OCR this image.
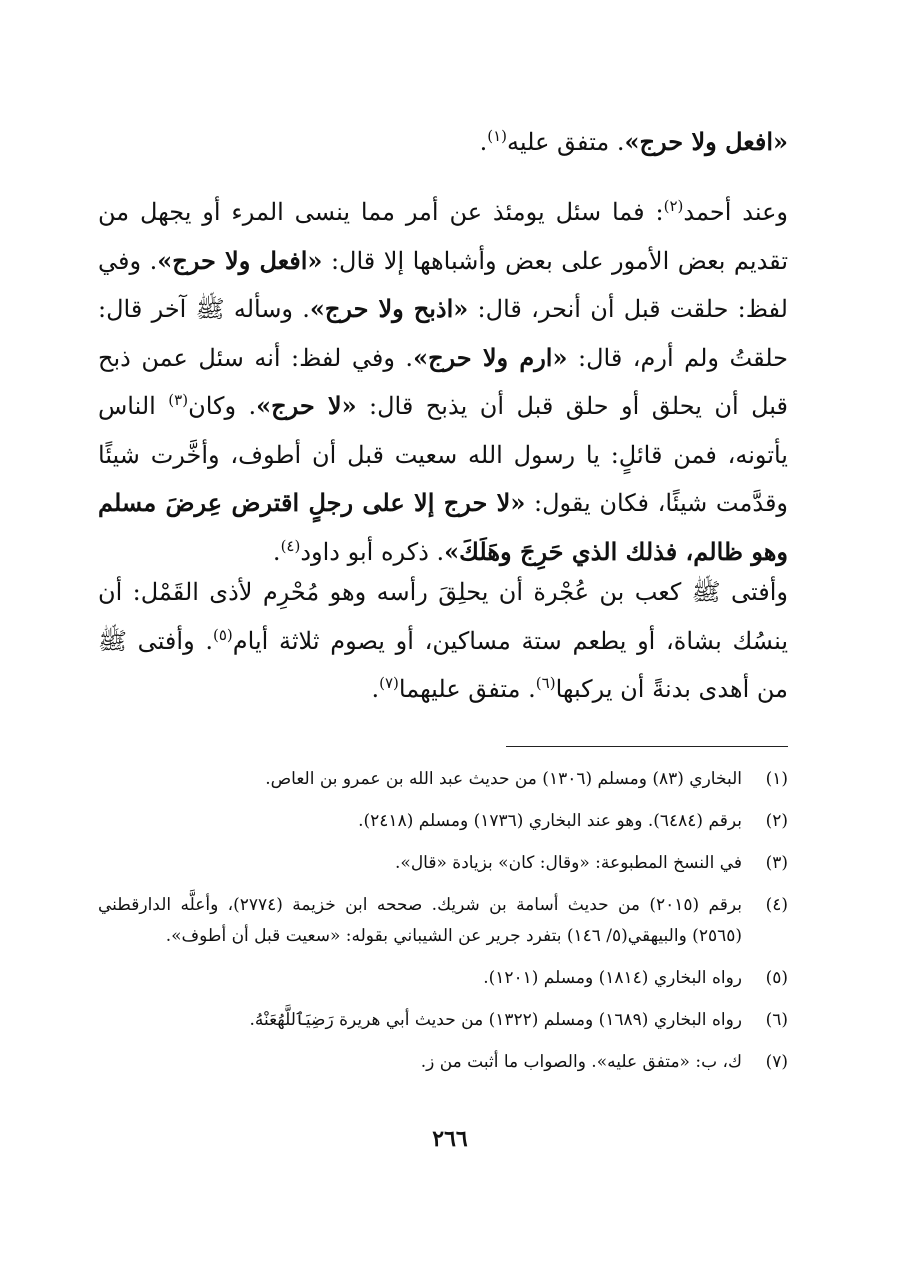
«افعل ولا حرج». متفق عليه$^{(١)}$.

وعند أحمد$^{(٢)}$: فما سئل يومئذ عن أمر مما ينسى المرء أو يجهل من تقديم بعض الأمور على بعض وأشباهها إلا قال: «افعل ولا حرج». وفي لفظ: حلقت قبل أن أنحر، قال: «اذبح ولا حرج». وسأله ﷺ آخر قال: حلقتُ ولم أرم، قال: «ارم ولا حرج». وفي لفظ: أنه سئل عمن ذبح قبل أن يحلق أو حلق قبل أن يذبح قال: «لا حرج». وكان$^{(٣)}$ الناس يأتونه، فمن قائلٍ: يا رسول الله سعيت قبل أن أطوف، وأخَّرت شيئًا وقدَّمت شيئًا، فكان يقول: «لا حرج إلا على رجلٍ اقترض عِرضَ مسلم وهو ظالم، فذلك الذي حَرِجَ وهَلَكَ». ذكره أبو داود$^{(٤)}$.

وأفتى ﷺ كعب بن عُجْرة أن يحلِقَ رأسه وهو مُحْرِم لأذى القَمْل: أن ينسُك بشاة، أو يطعم ستة مساكين، أو يصوم ثلاثة أيام$^{(٥)}$. وأفتى ﷺ من أهدى بدنةً أن يركبها$^{(٦)}$. متفق عليهما$^{(٧)}$.

(١)
البخاري (٨٣) ومسلم (١٣٠٦) من حديث عبد الله بن عمرو بن العاص.
(٢)
برقم (٦٤٨٤). وهو عند البخاري (١٧٣٦) ومسلم (٢٤١٨).
(٣)
في النسخ المطبوعة: «وقال: كان» بزيادة «قال».
(٤)
برقم (٢٠١٥) من حديث أسامة بن شريك. صححه ابن خزيمة (٢٧٧٤)، وأعلَّه الدارقطني (٢٥٦٥) والبيهقي(٥/ ١٤٦) بتفرد جرير عن الشيباني بقوله: «سعيت قبل أن أطوف».
(٥)
رواه البخاري (١٨١٤) ومسلم (١٢٠١).
(٦)
رواه البخاري (١٦٨٩) ومسلم (١٣٢٢) من حديث أبي هريرة رَضِيَٱللَّهُعَنْهُ.
(٧)
ك، ب: «متفق عليه». والصواب ما أثبت من ز.
٢٦٦
